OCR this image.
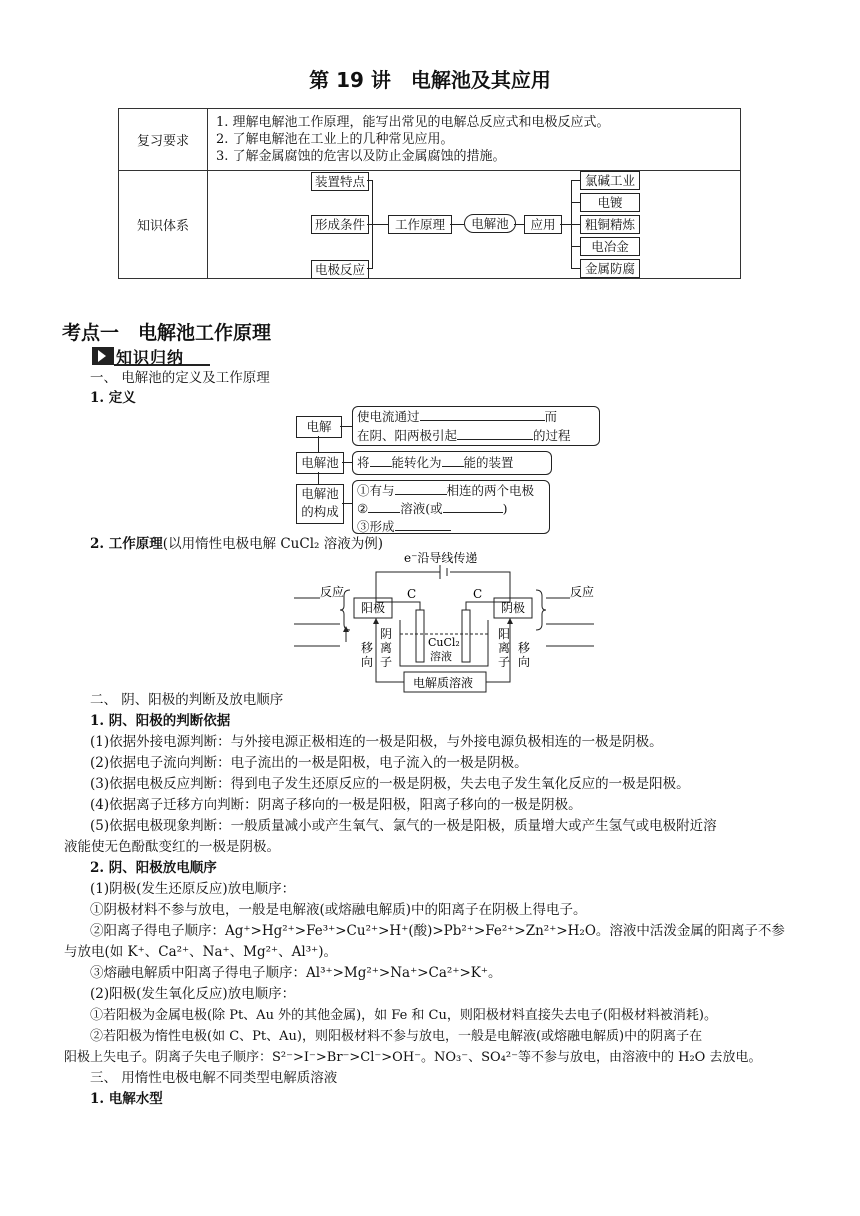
第 19 讲　电解池及其应用
复习要求	1. 理解电解池工作原理，能写出常见的电解总反应式和电极反应式。
2. 了解电解池在工业上的几种常见应用。
3. 了解金属腐蚀的危害以及防止金属腐蚀的措施。

知识体系	
装置特点
形成条件
电极反应
工作原理	电解池	应用
氯碱工业
电镀
粗铜精炼
电冶金
金属防腐
考点一　电解池工作原理
知识归纳
一、 电解池的定义及工作原理
1. 定义
电解
使电流通过	而
在阴、阳两极引起	的过程
电解池	将 能转化为 能的装置
电解池
的构成
①有与	相连的两个电极
②	溶液(或	)
③形成
2. 工作原理(以用惰性电极电解 CuCl₂ 溶液为例)
e⁻沿导线传递
C	C
CuCl₂
溶液
阳极	阴极
反应	反应
阴
离
子
移
向
阳
离
子
移
向
电解质溶液
二、 阴、阳极的判断及放电顺序
1. 阴、阳极的判断依据
(1)依据外接电源判断：与外接电源正极相连的一极是阳极，与外接电源负极相连的一极是阴极。
(2)依据电子流向判断：电子流出的一极是阳极，电子流入的一极是阴极。
(3)依据电极反应判断：得到电子发生还原反应的一极是阴极，失去电子发生氧化反应的一极是阳极。
(4)依据离子迁移方向判断：阴离子移向的一极是阳极，阳离子移向的一极是阴极。
(5)依据电极现象判断：一般质量减小或产生氧气、氯气的一极是阳极，质量增大或产生氢气或电极附近溶
液能使无色酚酞变红的一极是阴极。
2. 阴、阳极放电顺序
(1)阴极(发生还原反应)放电顺序：
①阴极材料不参与放电，一般是电解液(或熔融电解质)中的阳离子在阴极上得电子。
②阳离子得电子顺序：Ag⁺>Hg²⁺>Fe³⁺>Cu²⁺>H⁺(酸)>Pb²⁺>Fe²⁺>Zn²⁺>H₂O。溶液中活泼金属的阳离子不参
与放电(如 K⁺、Ca²⁺、Na⁺、Mg²⁺、Al³⁺)。
③熔融电解质中阳离子得电子顺序：Al³⁺>Mg²⁺>Na⁺>Ca²⁺>K⁺。
(2)阳极(发生氧化反应)放电顺序：
①若阳极为金属电极(除 Pt、Au 外的其他金属)，如 Fe 和 Cu，则阳极材料直接失去电子(阳极材料被消耗)。
②若阳极为惰性电极(如 C、Pt、Au)，则阳极材料不参与放电，一般是电解液(或熔融电解质)中的阴离子在
阳极上失电子。阴离子失电子顺序：S²⁻>I⁻>Br⁻>Cl⁻>OH⁻。NO₃⁻、SO₄²⁻等不参与放电，由溶液中的 H₂O 去放电。
三、 用惰性电极电解不同类型电解质溶液
1. 电解水型
